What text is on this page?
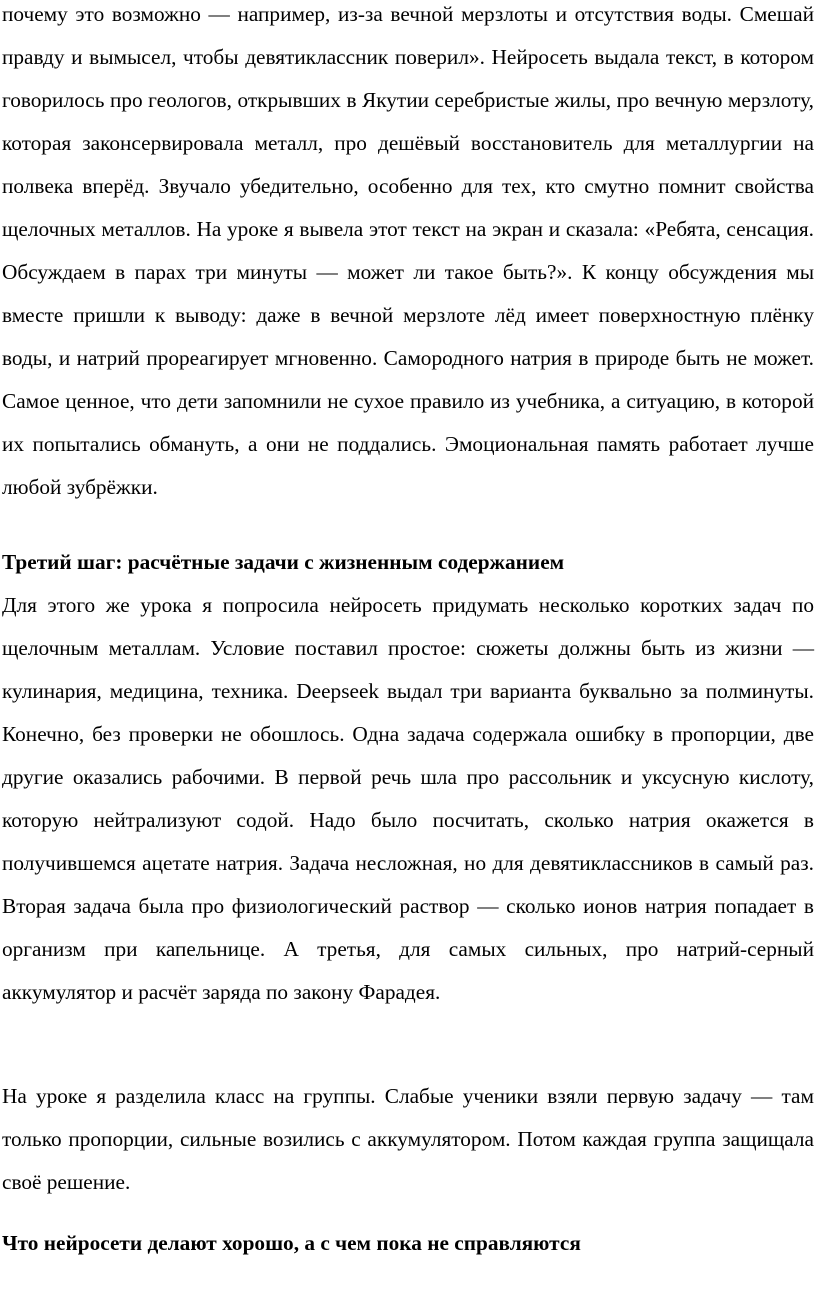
почему это возможно — например, из-за вечной мерзлоты и отсутствия воды. Смешай правду и вымысел, чтобы девятиклассник поверил». Нейросеть выдала текст, в котором говорилось про геологов, открывших в Якутии серебристые жилы, про вечную мерзлоту, которая законсервировала металл, про дешёвый восстановитель для металлургии на полвека вперёд. Звучало убедительно, особенно для тех, кто смутно помнит свойства щелочных металлов. На уроке я вывела этот текст на экран и сказала: «Ребята, сенсация. Обсуждаем в парах три минуты — может ли такое быть?». К концу обсуждения мы вместе пришли к выводу: даже в вечной мерзлоте лёд имеет поверхностную плёнку воды, и натрий прореагирует мгновенно. Самородного натрия в природе быть не может. Самое ценное, что дети запомнили не сухое правило из учебника, а ситуацию, в которой их попытались обмануть, а они не поддались. Эмоциональная память работает лучше любой зубрёжки.

Третий шаг: расчётные задачи с жизненным содержанием

Для этого же урока я попросила нейросеть придумать несколько коротких задач по щелочным металлам. Условие поставил простое: сюжеты должны быть из жизни — кулинария, медицина, техника. Deepseek выдал три варианта буквально за полминуты. Конечно, без проверки не обошлось. Одна задача содержала ошибку в пропорции, две другие оказались рабочими. В первой речь шла про рассольник и уксусную кислоту, которую нейтрализуют содой. Надо было посчитать, сколько натрия окажется в получившемся ацетате натрия. Задача несложная, но для девятиклассников в самый раз. Вторая задача была про физиологический раствор — сколько ионов натрия попадает в организм при капельнице. А третья, для самых сильных, про натрий-серный аккумулятор и расчёт заряда по закону Фарадея.

На уроке я разделила класс на группы. Слабые ученики взяли первую задачу — там только пропорции, сильные возились с аккумулятором. Потом каждая группа защищала своё решение.

Что нейросети делают хорошо, а с чем пока не справляются
